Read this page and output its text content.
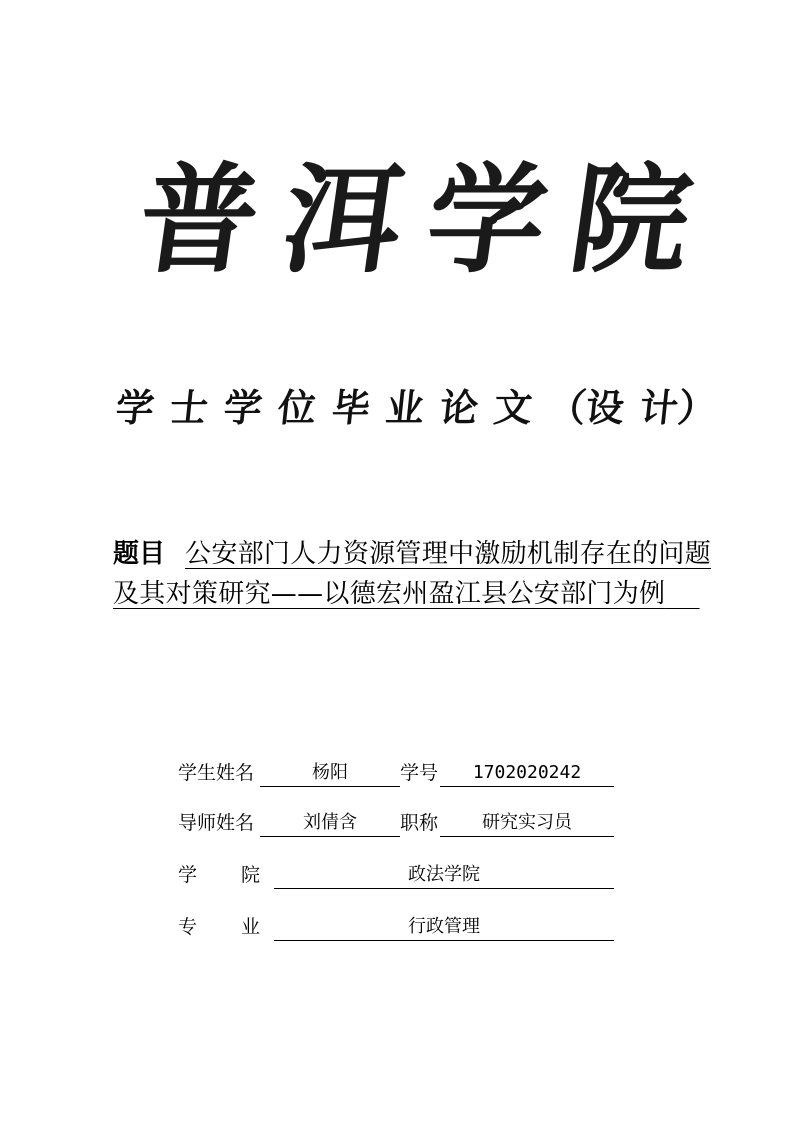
普 洱 学 院
学 士 学 位 毕 业 论 文 （设 计）
题目 公安部门人力资源管理中激励机制存在的问题及其对策研究——以德宏州盈江县公安部门为例
学生姓名	杨阳	学号	1702020242
导师姓名	刘倩含	职称	研究实习员
学 院	政法学院
专 业	行政管理
